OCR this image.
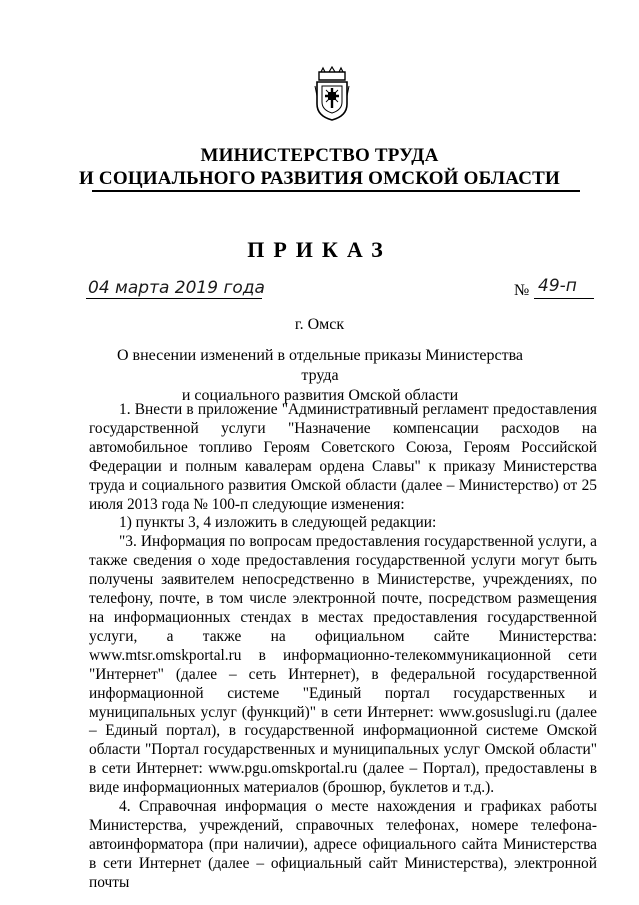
МИНИСТЕРСТВО ТРУДА
И СОЦИАЛЬНОГО РАЗВИТИЯ ОМСКОЙ ОБЛАСТИ
ПРИКАЗ
04 марта 2019 года	№ 49-п
г. Омск
О внесении изменений в отдельные приказы Министерства труда
и социального развития Омской области

1. Внести в приложение "Административный регламент предоставления государственной услуги "Назначение компенсации расходов на автомобильное топливо Героям Советского Союза, Героям Российской Федерации и полным кавалерам ордена Славы" к приказу Министерства труда и социального развития Омской области (далее – Министерство) от 25 июля 2013 года № 100-п следующие изменения:

1) пункты 3, 4 изложить в следующей редакции:

"3. Информация по вопросам предоставления государственной услуги, а также сведения о ходе предоставления государственной услуги могут быть получены заявителем непосредственно в Министерстве, учреждениях, по телефону, почте, в том числе электронной почте, посредством размещения на информационных стендах в местах предоставления государственной услуги, а также на официальном сайте Министерства: www.mtsr.omskportal.ru в информационно-телекоммуникационной сети "Интернет" (далее – сеть Интернет), в федеральной государственной информационной системе "Единый портал государственных и муниципальных услуг (функций)" в сети Интернет: www.gosuslugi.ru (далее – Единый портал), в государственной информационной системе Омской области "Портал государственных и муниципальных услуг Омской области" в сети Интернет: www.pgu.omskportal.ru (далее – Портал), предоставлены в виде информационных материалов (брошюр, буклетов и т.д.).

4. Справочная информация о месте нахождения и графиках работы Министерства, учреждений, справочных телефонах, номере телефона-автоинформатора (при наличии), адресе официального сайта Министерства в сети Интернет (далее – официальный сайт Министерства), электронной почты
